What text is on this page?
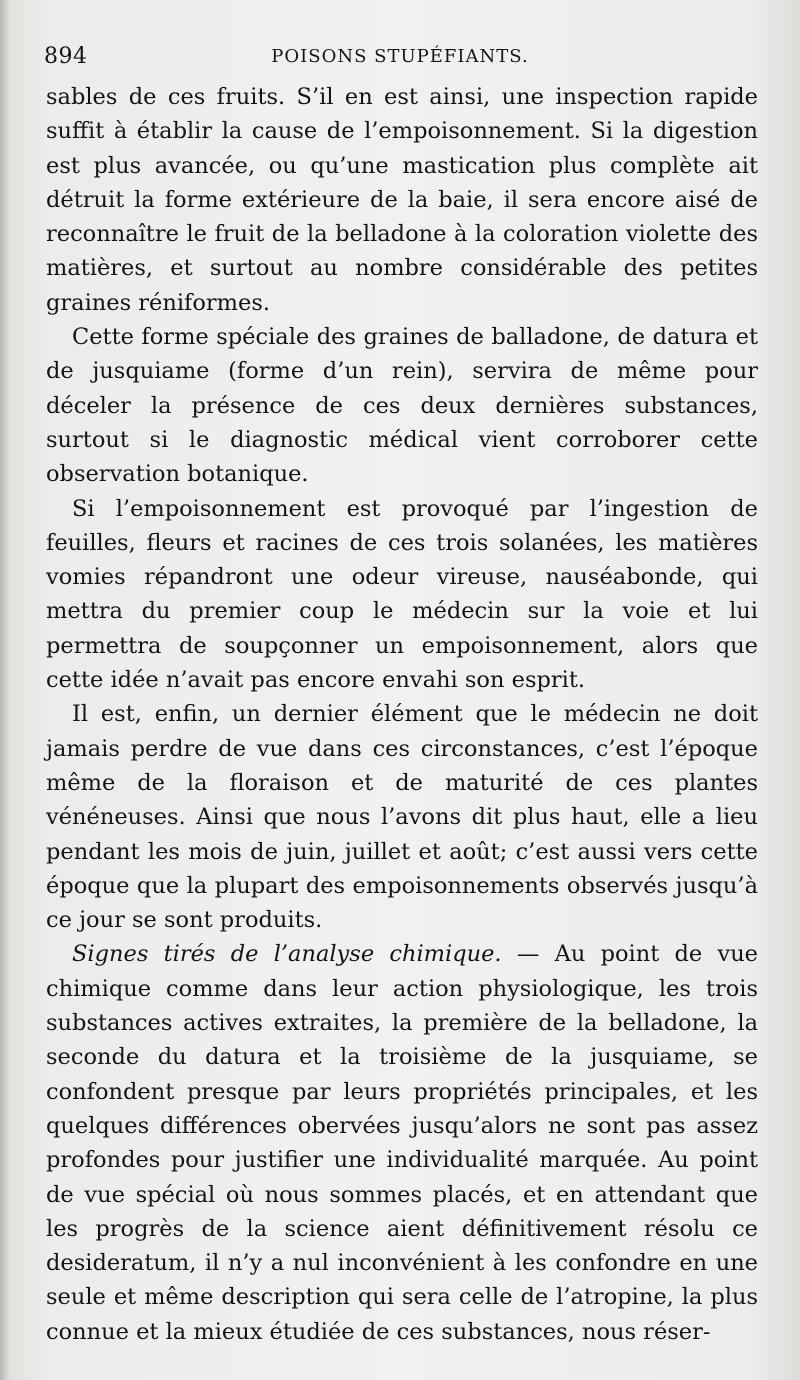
894	POISONS STUPÉFIANTS.

sables de ces fruits. S’il en est ainsi, une inspection rapide suffit à établir la cause de l’empoisonnement. Si la digestion est plus avancée, ou qu’une mastication plus complète ait détruit la forme extérieure de la baie, il sera encore aisé de reconnaître le fruit de la belladone à la coloration violette des matières, et surtout au nombre considérable des petites graines réniformes.

Cette forme spéciale des graines de balladone, de datura et de jusquiame (forme d’un rein), servira de même pour déceler la présence de ces deux dernières substances, surtout si le diagnostic médical vient corroborer cette observation botanique.

Si l’empoisonnement est provoqué par l’ingestion de feuilles, fleurs et racines de ces trois solanées, les matières vomies répandront une odeur vireuse, nauséabonde, qui mettra du premier coup le médecin sur la voie et lui permettra de soupçonner un empoisonnement, alors que cette idée n’avait pas encore envahi son esprit.

Il est, enfin, un dernier élément que le médecin ne doit jamais perdre de vue dans ces circonstances, c’est l’époque même de la floraison et de maturité de ces plantes vénéneuses. Ainsi que nous l’avons dit plus haut, elle a lieu pendant les mois de juin, juillet et août; c’est aussi vers cette époque que la plupart des empoisonnements observés jusqu’à ce jour se sont produits.

Signes tirés de l’analyse chimique. — Au point de vue chimique comme dans leur action physiologique, les trois substances actives extraites, la première de la belladone, la seconde du datura et la troisième de la jusquiame, se confondent presque par leurs propriétés principales, et les quelques différences obervées jusqu’alors ne sont pas assez profondes pour justifier une individualité marquée. Au point de vue spécial où nous sommes placés, et en attendant que les progrès de la science aient définitivement résolu ce desideratum, il n’y a nul inconvénient à les confondre en une seule et même description qui sera celle de l’atropine, la plus connue et la mieux étudiée de ces substances, nous réser-
